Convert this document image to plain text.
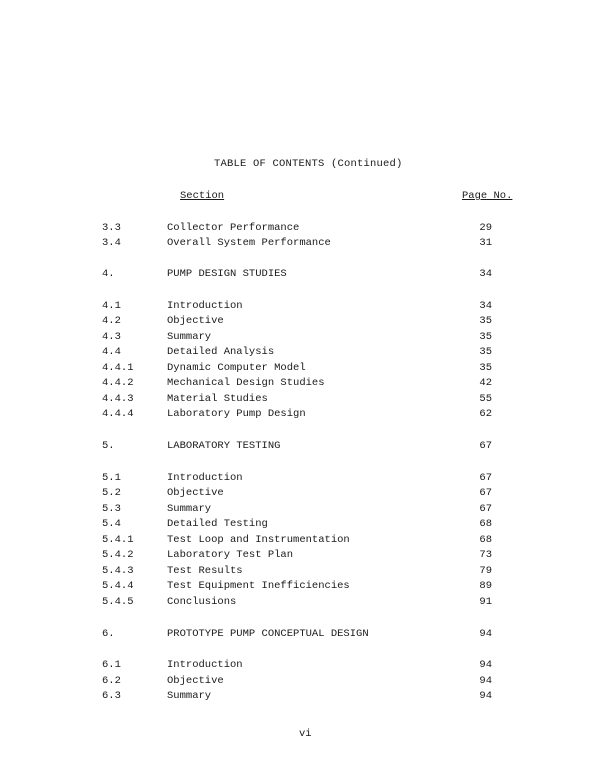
TABLE OF CONTENTS (Continued)
Section	Page No.
3.3	Collector Performance	29
3.4	Overall System Performance	31
4.	PUMP DESIGN STUDIES	34
4.1	Introduction	34
4.2	Objective	35
4.3	Summary	35
4.4	Detailed Analysis	35
4.4.1	Dynamic Computer Model	35
4.4.2	Mechanical Design Studies	42
4.4.3	Material Studies	55
4.4.4	Laboratory Pump Design	62
5.	LABORATORY TESTING	67
5.1	Introduction	67
5.2	Objective	67
5.3	Summary	67
5.4	Detailed Testing	68
5.4.1	Test Loop and Instrumentation	68
5.4.2	Laboratory Test Plan	73
5.4.3	Test Results	79
5.4.4	Test Equipment Inefficiencies	89
5.4.5	Conclusions	91
6.	PROTOTYPE PUMP CONCEPTUAL DESIGN	94
6.1	Introduction	94
6.2	Objective	94
6.3	Summary	94
vi
